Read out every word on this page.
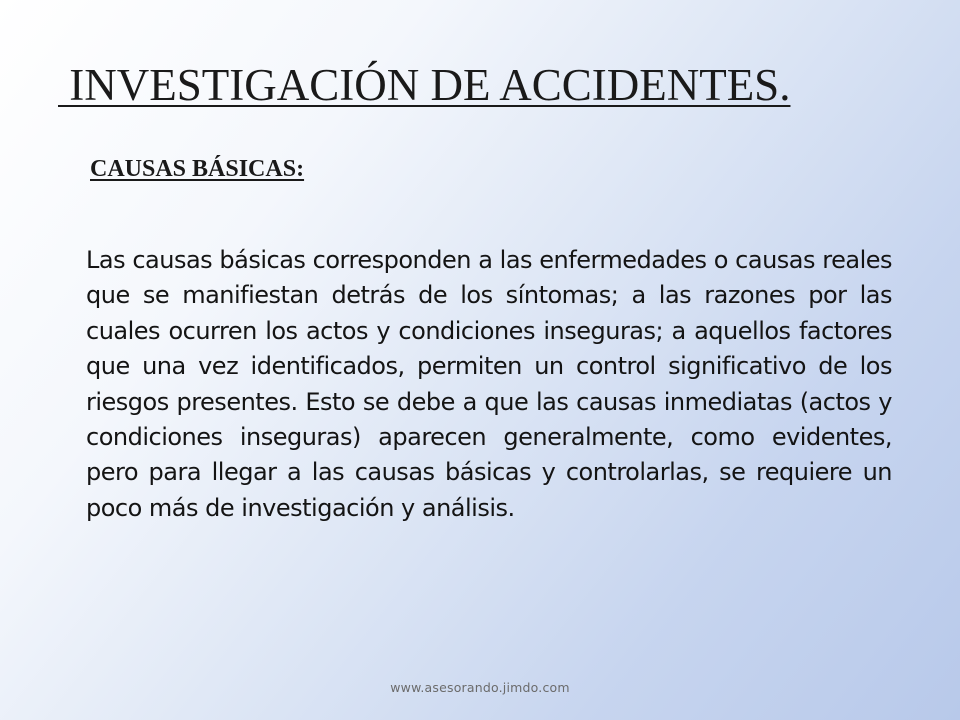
INVESTIGACIÓN DE ACCIDENTES.
CAUSAS BÁSICAS:

Las causas básicas corresponden a las enfermedades o causas reales que se manifiestan detrás de los síntomas; a las razones por las cuales ocurren los actos y condiciones inseguras; a aquellos factores que una vez identificados, permiten un control significativo de los riesgos presentes. Esto se debe a que las causas inmediatas (actos y condiciones inseguras) aparecen generalmente, como evidentes, pero para llegar a las causas básicas y controlarlas, se requiere un poco más de investigación y análisis.

www.asesorando.jimdo.com
